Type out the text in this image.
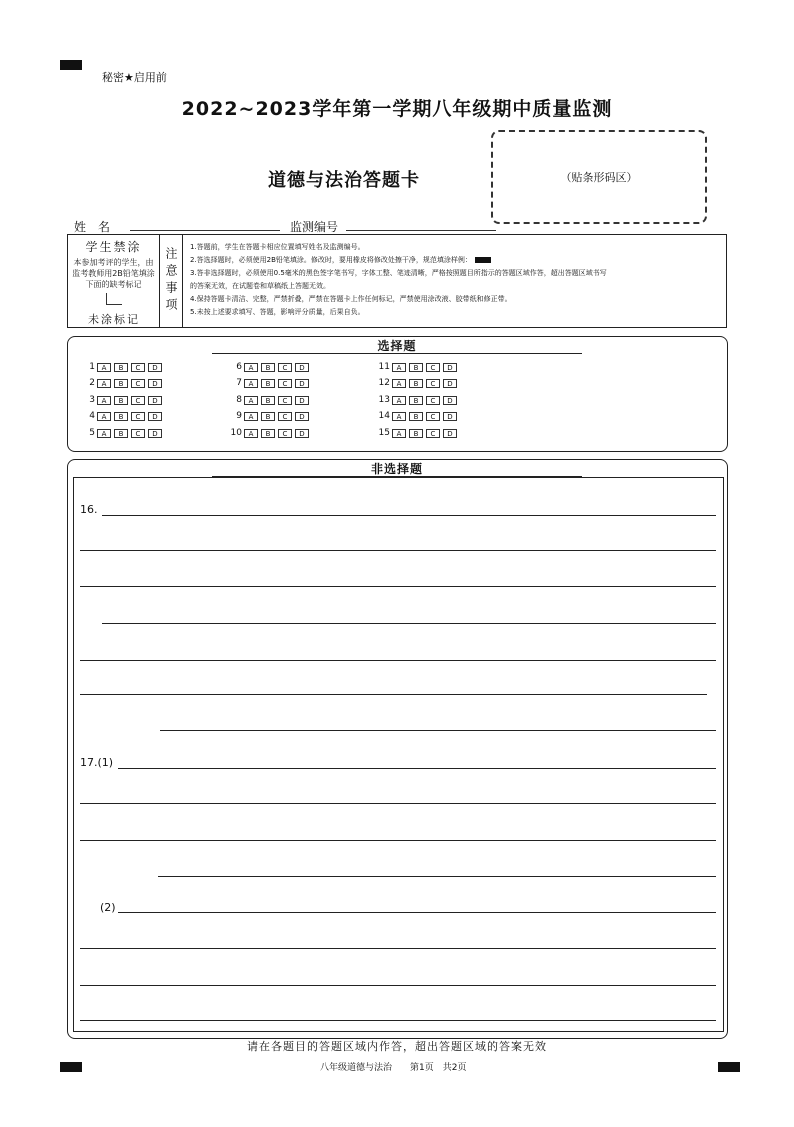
秘密★启用前
2022~2023学年第一学期八年级期中质量监测
道德与法治答题卡	（贴条形码区）
姓　名	监测编号
学生禁涂
本参加考评的学生，由监考教师用2B铅笔填涂下面的缺考标记
未涂标记
注意事项	1.答题前，学生在答题卡相应位置填写姓名及监测编号。
2.答选择题时，必须使用2B铅笔填涂。修改时，要用橡皮将修改处擦干净，规范填涂样例：
3.答非选择题时，必须使用0.5毫米的黑色签字笔书写，字体工整、笔迹清晰，严格按照题目所指示的答题区域作答，超出答题区域书写
的答案无效，在试题卷和草稿纸上答题无效。
4.保持答题卡清洁、完整，严禁折叠，严禁在答题卡上作任何标记，严禁使用涂改液、胶带纸和修正带。
5.未按上述要求填写、答题，影响评分质量，后果自负。
选择题
1 A	B	C	D
2 A	B	C	D
3 A	B	C	D
4 A	B	C	D
5 A	B	C	D
6 A	B	C	D
7 A	B	C	D
8 A	B	C	D
9 A	B	C	D
10 A	B	C	D
11 A	B	C	D
12 A	B	C	D
13 A	B	C	D
14 A	B	C	D
15 A	B	C	D
非选择题
16.
17.(1)
(2)
请在各题目的答题区域内作答，超出答题区域的答案无效
八年级道德与法治　　第1页　共2页
